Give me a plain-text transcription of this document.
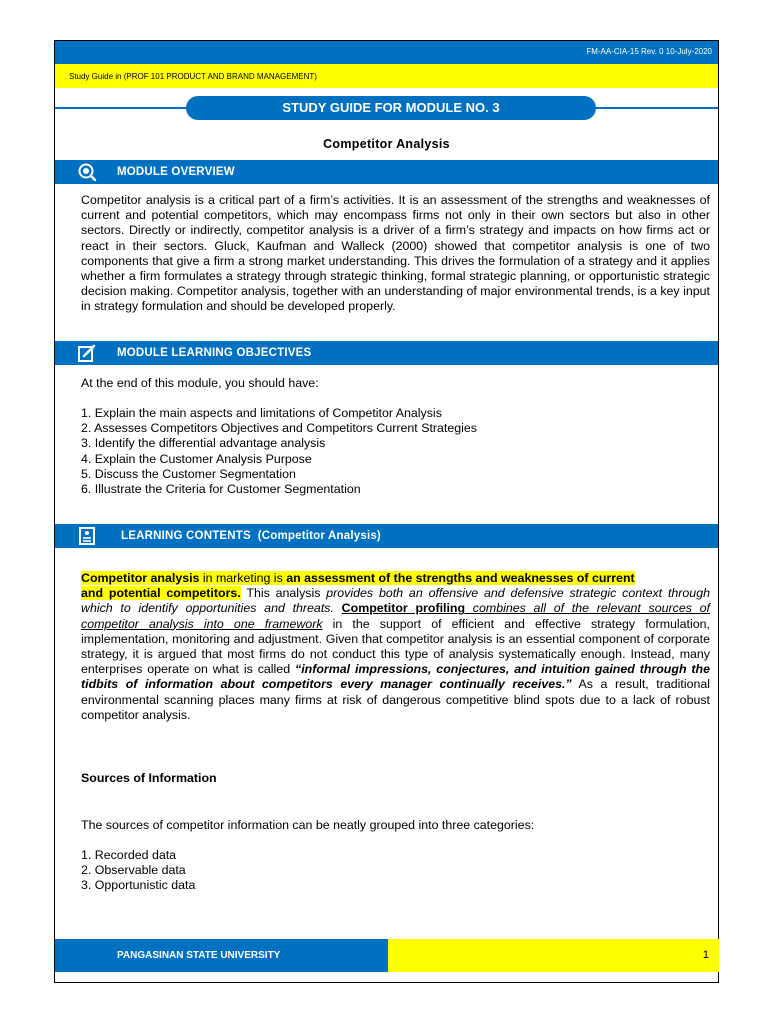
FM-AA-CIA-15 Rev. 0 10-July-2020
Study Guide in (PROF 101 PRODUCT AND BRAND MANAGEMENT)
STUDY GUIDE FOR MODULE NO. 3
Competitor Analysis
MODULE OVERVIEW
Competitor analysis is a critical part of a firm’s activities. It is an assessment of the strengths and weaknesses of current and potential competitors, which may encompass firms not only in their own sectors but also in other sectors. Directly or indirectly, competitor analysis is a driver of a firm’s strategy and impacts on how firms act or react in their sectors. Gluck, Kaufman and Walleck (2000) showed that competitor analysis is one of two components that give a firm a strong market understanding. This drives the formulation of a strategy and it applies whether a firm formulates a strategy through strategic thinking, formal strategic planning, or opportunistic strategic decision making. Competitor analysis, together with an understanding of major environmental trends, is a key input in strategy formulation and should be developed properly.
MODULE LEARNING OBJECTIVES
At the end of this module, you should have:
1. Explain the main aspects and limitations of Competitor Analysis
2. Assesses Competitors Objectives and Competitors Current Strategies
3. Identify the differential advantage analysis
4. Explain the Customer Analysis Purpose
5. Discuss the Customer Segmentation
6. Illustrate the Criteria for Customer Segmentation
LEARNING CONTENTS (Competitor Analysis)
Competitor analysis in marketing is an assessment of the strengths and weaknesses of current
and potential competitors. This analysis provides both an offensive and defensive strategic context through which to identify opportunities and threats. Competitor profiling combines all of the relevant sources of competitor analysis into one framework in the support of efficient and effective strategy formulation, implementation, monitoring and adjustment. Given that competitor analysis is an essential component of corporate strategy, it is argued that most firms do not conduct this type of analysis systematically enough. Instead, many enterprises operate on what is called “informal impressions, conjectures, and intuition gained through the tidbits of information about competitors every manager continually receives.” As a result, traditional environmental scanning places many firms at risk of dangerous competitive blind spots due to a lack of robust competitor analysis.
Sources of Information
The sources of competitor information can be neatly grouped into three categories:
1. Recorded data
2. Observable data
3. Opportunistic data
PANGASINAN STATE UNIVERSITY	1
